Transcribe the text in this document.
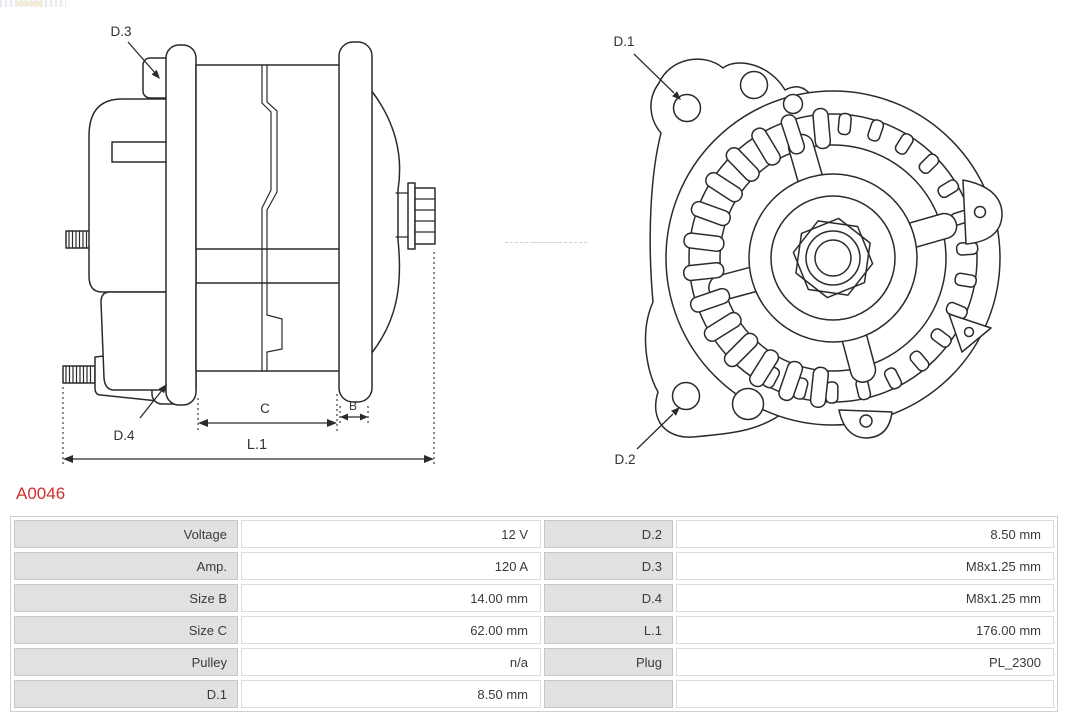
C	B
L.1
D.3
D.4
D.1
D.2
A0046
Voltage	12 V	D.2	8.50 mm
Amp.	120 A	D.3	M8x1.25 mm
Size B	14.00 mm	D.4	M8x1.25 mm
Size C	62.00 mm	L.1	176.00 mm
Pulley	n/a	Plug	PL_2300
D.1	8.50 mm
